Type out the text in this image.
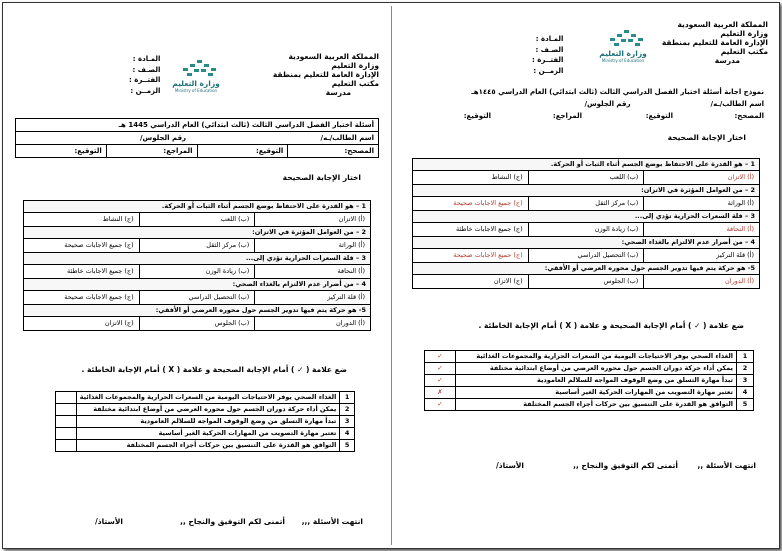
المملكة العربية السعودية
وزارة التعليم
الإدارة العامة للتعليم بمنطقة
مكتب التعليم
مدرسة
وزارة التعليم
Ministry of Education
المـادة :
الصـف :
الفتــرة :
الزمــن :
أسئلة اختبار الفصل الدراسي الثالث (ثالث ابتدائي) العام الدراسي 1445 هـ
اسم الطالب/ـه/
رقم الجلوس/
المصحح:
التوقيع:
المراجع:
التوقيع:
اختار الإجابة الصحيحة
1 – هو القدرة على الاحتفاظ بوضع الجسم أثناء الثبات أو الحركة.
(أ) الاتزان
(ب) اللعب
(ج) النشاط
2 – من العوامل المؤثرة في الاتزان:
(أ) الوراثة
(ب) مركز الثقل
(ج) جميع الاجابات صحيحة
3 – قلة السعرات الحرارية تؤدي إلى...
(أ) النحافة
(ب) زيادة الوزن
(ج) جميع الاجابات خاطئة
4 – من أضرار عدم الالتزام بالغذاء الصحي:
(أ) قلة التركيز
(ب) التحصيل الدراسي
(ج) جميع الاجابات صحيحة
5- هو حركة يتم فيها تدوير الجسم حول محوره العرضي أو الأفقي:
(أ) الدوران
(ب) الجلوس
(ج) الاتزان
ضع علامة ( ✓ ) أمام الإجابة الصحيحة و علامة ( X ) أمام الإجابة الخاطئة .
1	الغذاء الصحي يوفر الاحتياجات اليومية من السعرات الحرارية والمجموعات الغذائية	
2	يمكن أداء حركة دوران الجسم حول محوره العرضي من أوضاع ابتدائية مختلفة	
3	تبدأ مهارة التسلق من وضع الوقوف المواجه للسلالم العامودية	
4	تعتبر مهارة التصويب من المهارات الحركية الغير أساسية	
5	التوافق هو القدرة على التنسيق بين حركات أجزاء الجسم المختلفة	
انتهت الأسئلة ,,,
أتمنى لكم التوفيق والنجاح ,,
الأستاذ/
المملكة العربية السعودية
وزارة التعليم
الإدارة العامة للتعليم بمنطقة
مكتب التعليم
مدرسة
وزارة التعليم
Ministry of Education
المـادة :
الصـف :
الفتــرة :
الزمــن :
نموذج اجابة أسئلة اختبار الفصل الدراسي الثالث (ثالث ابتدائي) العام الدراسي ١٤٤٥هـ
اسم الطالب/ـه/
رقم الجلوس/
المصحح:
التوقيع:
المراجع:
التوقيع:
اختار الإجابة الصحيحة
1 – هو القدرة على الاحتفاظ بوضع الجسم أثناء الثبات أو الحركة.
(أ) الاتزان
(ب) اللعب
(ج) النشاط
2 – من العوامل المؤثرة في الاتزان:
(أ) الوراثة
(ب) مركز الثقل
(ج) جميع الاجابات صحيحة
3 – قلة السعرات الحرارية تؤدي إلى...
(أ) النحافة
(ب) زيادة الوزن
(ج) جميع الاجابات خاطئة
4 – من أضرار عدم الالتزام بالغذاء الصحي:
(أ) قلة التركيز
(ب) التحصيل الدراسي
(ج) جميع الاجابات صحيحة
5- هو حركة يتم فيها تدوير الجسم حول محوره العرضي أو الأفقي:
(أ) الدوران
(ب) الجلوس
(ج) الاتزان
ضع علامة ( ✓ ) أمام الإجابة الصحيحة و علامة ( X ) أمام الإجابة الخاطئة .
1	الغذاء الصحي يوفر الاحتياجات اليومية من السعرات الحرارية والمجموعات الغذائية	✓
2	يمكن أداء حركة دوران الجسم حول محوره العرضي من أوضاع ابتدائية مختلفة	✓
3	تبدأ مهارة التسلق من وضع الوقوف المواجه للسلالم العامودية	✓
4	تعتبر مهارة التصويب من المهارات الحركية الغير أساسية	✗
5	التوافق هو القدرة على التنسيق بين حركات أجزاء الجسم المختلفة	✓
انتهت الأسئلة ,,
أتمنى لكم التوفيق والنجاح ,,
الأستاذ/
